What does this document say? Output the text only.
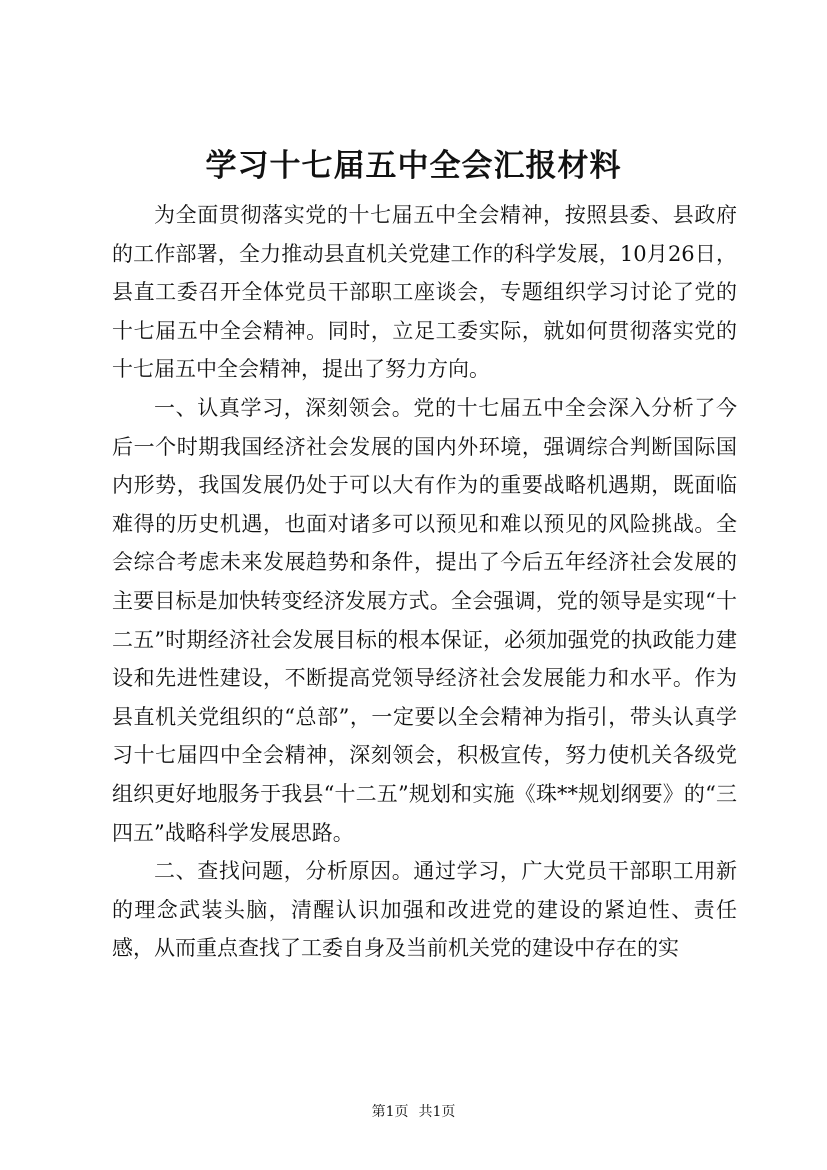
学习十七届五中全会汇报材料

为全面贯彻落实党的十七届五中全会精神，按照县委、县政府的工作部署，全力推动县直机关党建工作的科学发展，10月26日，县直工委召开全体党员干部职工座谈会，专题组织学习讨论了党的十七届五中全会精神。同时，立足工委实际，就如何贯彻落实党的十七届五中全会精神，提出了努力方向。

一、认真学习，深刻领会。党的十七届五中全会深入分析了今后一个时期我国经济社会发展的国内外环境，强调综合判断国际国内形势，我国发展仍处于可以大有作为的重要战略机遇期，既面临难得的历史机遇，也面对诸多可以预见和难以预见的风险挑战。全会综合考虑未来发展趋势和条件，提出了今后五年经济社会发展的主要目标是加快转变经济发展方式。全会强调，党的领导是实现“十二五”时期经济社会发展目标的根本保证，必须加强党的执政能力建设和先进性建设，不断提高党领导经济社会发展能力和水平。作为县直机关党组织的“总部”，一定要以全会精神为指引，带头认真学习十七届四中全会精神，深刻领会，积极宣传，努力使机关各级党组织更好地服务于我县“十二五”规划和实施《珠**规划纲要》的“三四五”战略科学发展思路。

二、查找问题，分析原因。通过学习，广大党员干部职工用新的理念武装头脑，清醒认识加强和改进党的建设的紧迫性、责任感，从而重点查找了工委自身及当前机关党的建设中存在的实

第1页 共1页
